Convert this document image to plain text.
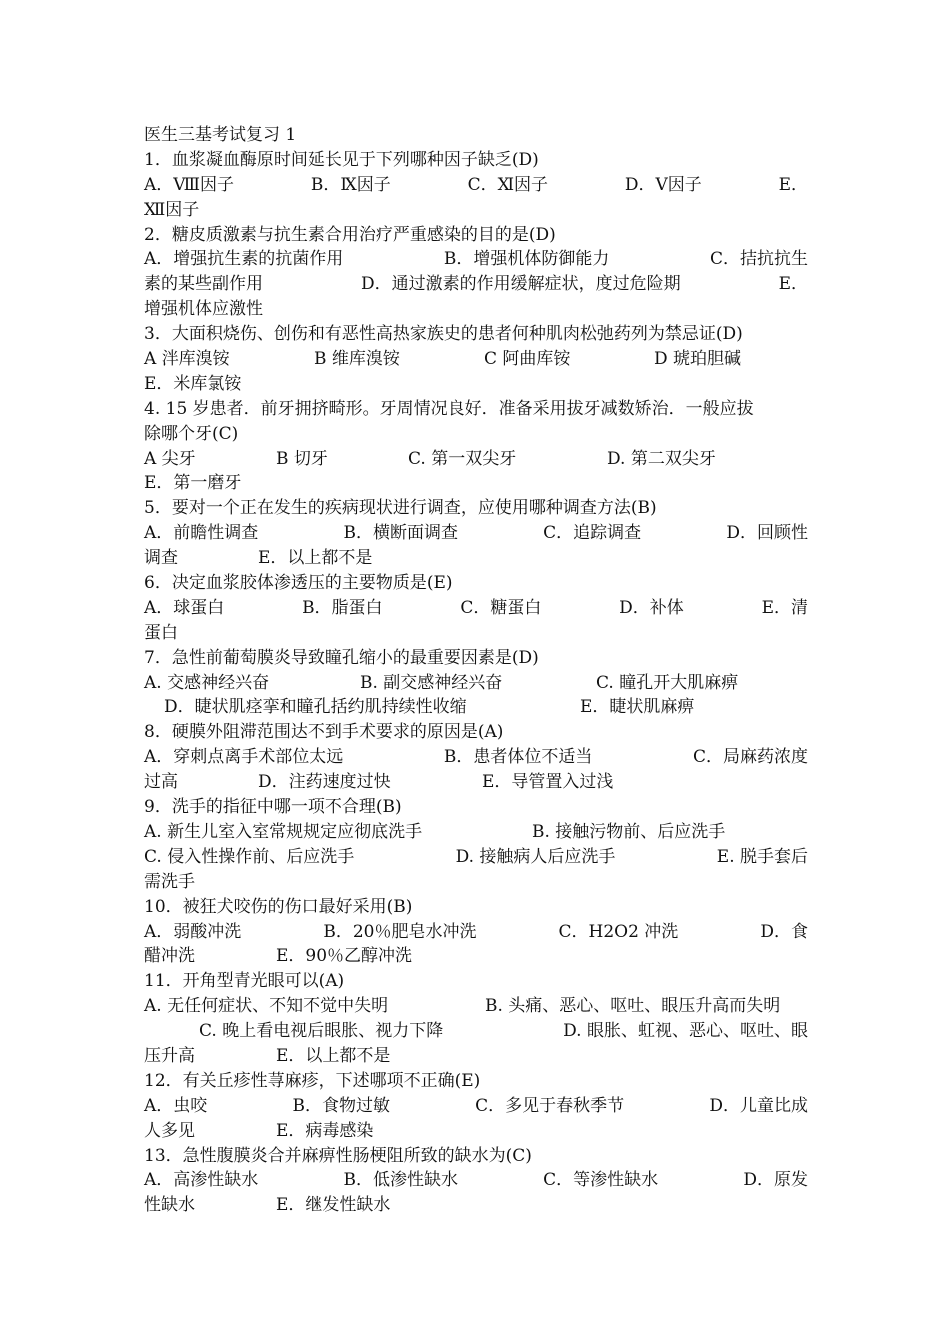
医生三基考试复习 1
1．血浆凝血酶原时间延长见于下列哪种因子缺乏(D)
A．Ⅷ因子	B．Ⅸ因子	C．Ⅺ因子	D．Ⅴ因子	E．
Ⅻ因子
2．糖皮质激素与抗生素合用治疗严重感染的目的是(D)
A．增强抗生素的抗菌作用	B．增强机体防御能力	C．拮抗抗生
素的某些副作用	D．通过激素的作用缓解症状，度过危险期	E．
增强机体应激性
3．大面积烧伤、创伤和有恶性高热家族史的患者何种肌肉松弛药列为禁忌证(D)
A 泮库溴铵	B 维库溴铵	C 阿曲库铵	D 琥珀胆碱
E．米库氯铵
4. 15 岁患者．前牙拥挤畸形。牙周情况良好．准备采用拔牙减数矫治．一般应拔
除哪个牙(C)
A 尖牙	B 切牙	C. 第一双尖牙	D. 第二双尖牙
E．第一磨牙
5．要对一个正在发生的疾病现状进行调查，应使用哪种调查方法(B)
A．前瞻性调查	B．横断面调查	C．追踪调查	D．回顾性
调查	E．以上都不是
6．决定血浆胶体渗透压的主要物质是(E)
A．球蛋白	B．脂蛋白	C．糖蛋白	D．补体	E．清
蛋白
7．急性前葡萄膜炎导致瞳孔缩小的最重要因素是(D)
A. 交感神经兴奋	B. 副交感神经兴奋	C. 瞳孔开大肌麻痹
D．睫状肌痉挛和瞳孔括约肌持续性收缩	E．睫状肌麻痹
8．硬膜外阻滞范围达不到手术要求的原因是(A)
A．穿刺点离手术部位太远	B．患者体位不适当	C．局麻药浓度
过高	D．注药速度过快	E．导管置入过浅
9．洗手的指征中哪一项不合理(B)
A. 新生儿室入室常规规定应彻底洗手	B. 接触污物前、后应洗手
C. 侵入性操作前、后应洗手	D. 接触病人后应洗手	E. 脱手套后
需洗手
10．被狂犬咬伤的伤口最好采用(B)
A．弱酸冲洗	B．20％肥皂水冲洗	C．H2O2 冲洗	D．食
醋冲洗	E．90％乙醇冲洗
11．开角型青光眼可以(A)
A. 无任何症状、不知不觉中失明	B. 头痛、恶心、呕吐、眼压升高而失明
C. 晚上看电视后眼胀、视力下降	D. 眼胀、虹视、恶心、呕吐、眼
压升高	E．以上都不是
12．有关丘疹性荨麻疹，下述哪项不正确(E)
A．虫咬	B．食物过敏	C．多见于春秋季节	D．儿童比成
人多见	E．病毒感染
13．急性腹膜炎合并麻痹性肠梗阻所致的缺水为(C)
A．高渗性缺水	B．低渗性缺水	C．等渗性缺水	D．原发
性缺水	E．继发性缺水
